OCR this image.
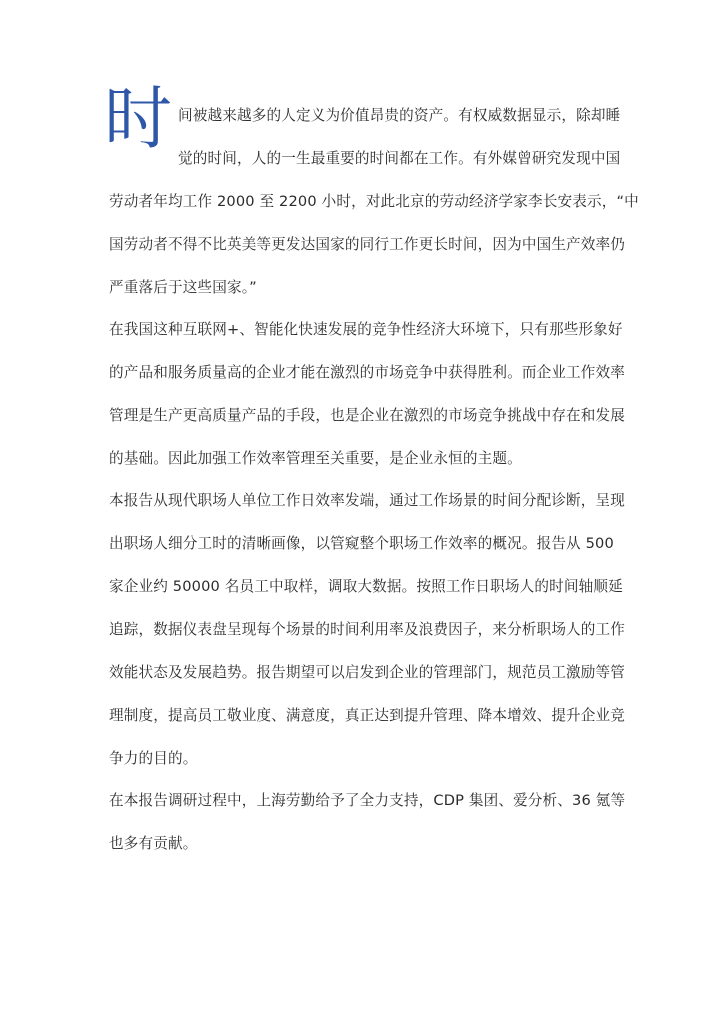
时 间被越来越多的人定义为价值昂贵的资产。有权威数据显示，除却睡
觉的时间，人的一生最重要的时间都在工作。有外媒曾研究发现中国
劳动者年均工作 2000 至 2200 小时，对此北京的劳动经济学家李长安表示，“中
国劳动者不得不比英美等更发达国家的同行工作更长时间，因为中国生产效率仍
严重落后于这些国家。”
在我国这种互联网+、智能化快速发展的竞争性经济大环境下，只有那些形象好
的产品和服务质量高的企业才能在激烈的市场竞争中获得胜利。而企业工作效率
管理是生产更高质量产品的手段，也是企业在激烈的市场竞争挑战中存在和发展
的基础。因此加强工作效率管理至关重要，是企业永恒的主题。
本报告从现代职场人单位工作日效率发端，通过工作场景的时间分配诊断，呈现
出职场人细分工时的清晰画像，以管窥整个职场工作效率的概况。报告从 500
家企业约 50000 名员工中取样，调取大数据。按照工作日职场人的时间轴顺延
追踪，数据仪表盘呈现每个场景的时间利用率及浪费因子，来分析职场人的工作
效能状态及发展趋势。报告期望可以启发到企业的管理部门，规范员工激励等管
理制度，提高员工敬业度、满意度，真正达到提升管理、降本增效、提升企业竞
争力的目的。
在本报告调研过程中，上海劳勤给予了全力支持，CDP 集团、爱分析、36 氪等
也多有贡献。
